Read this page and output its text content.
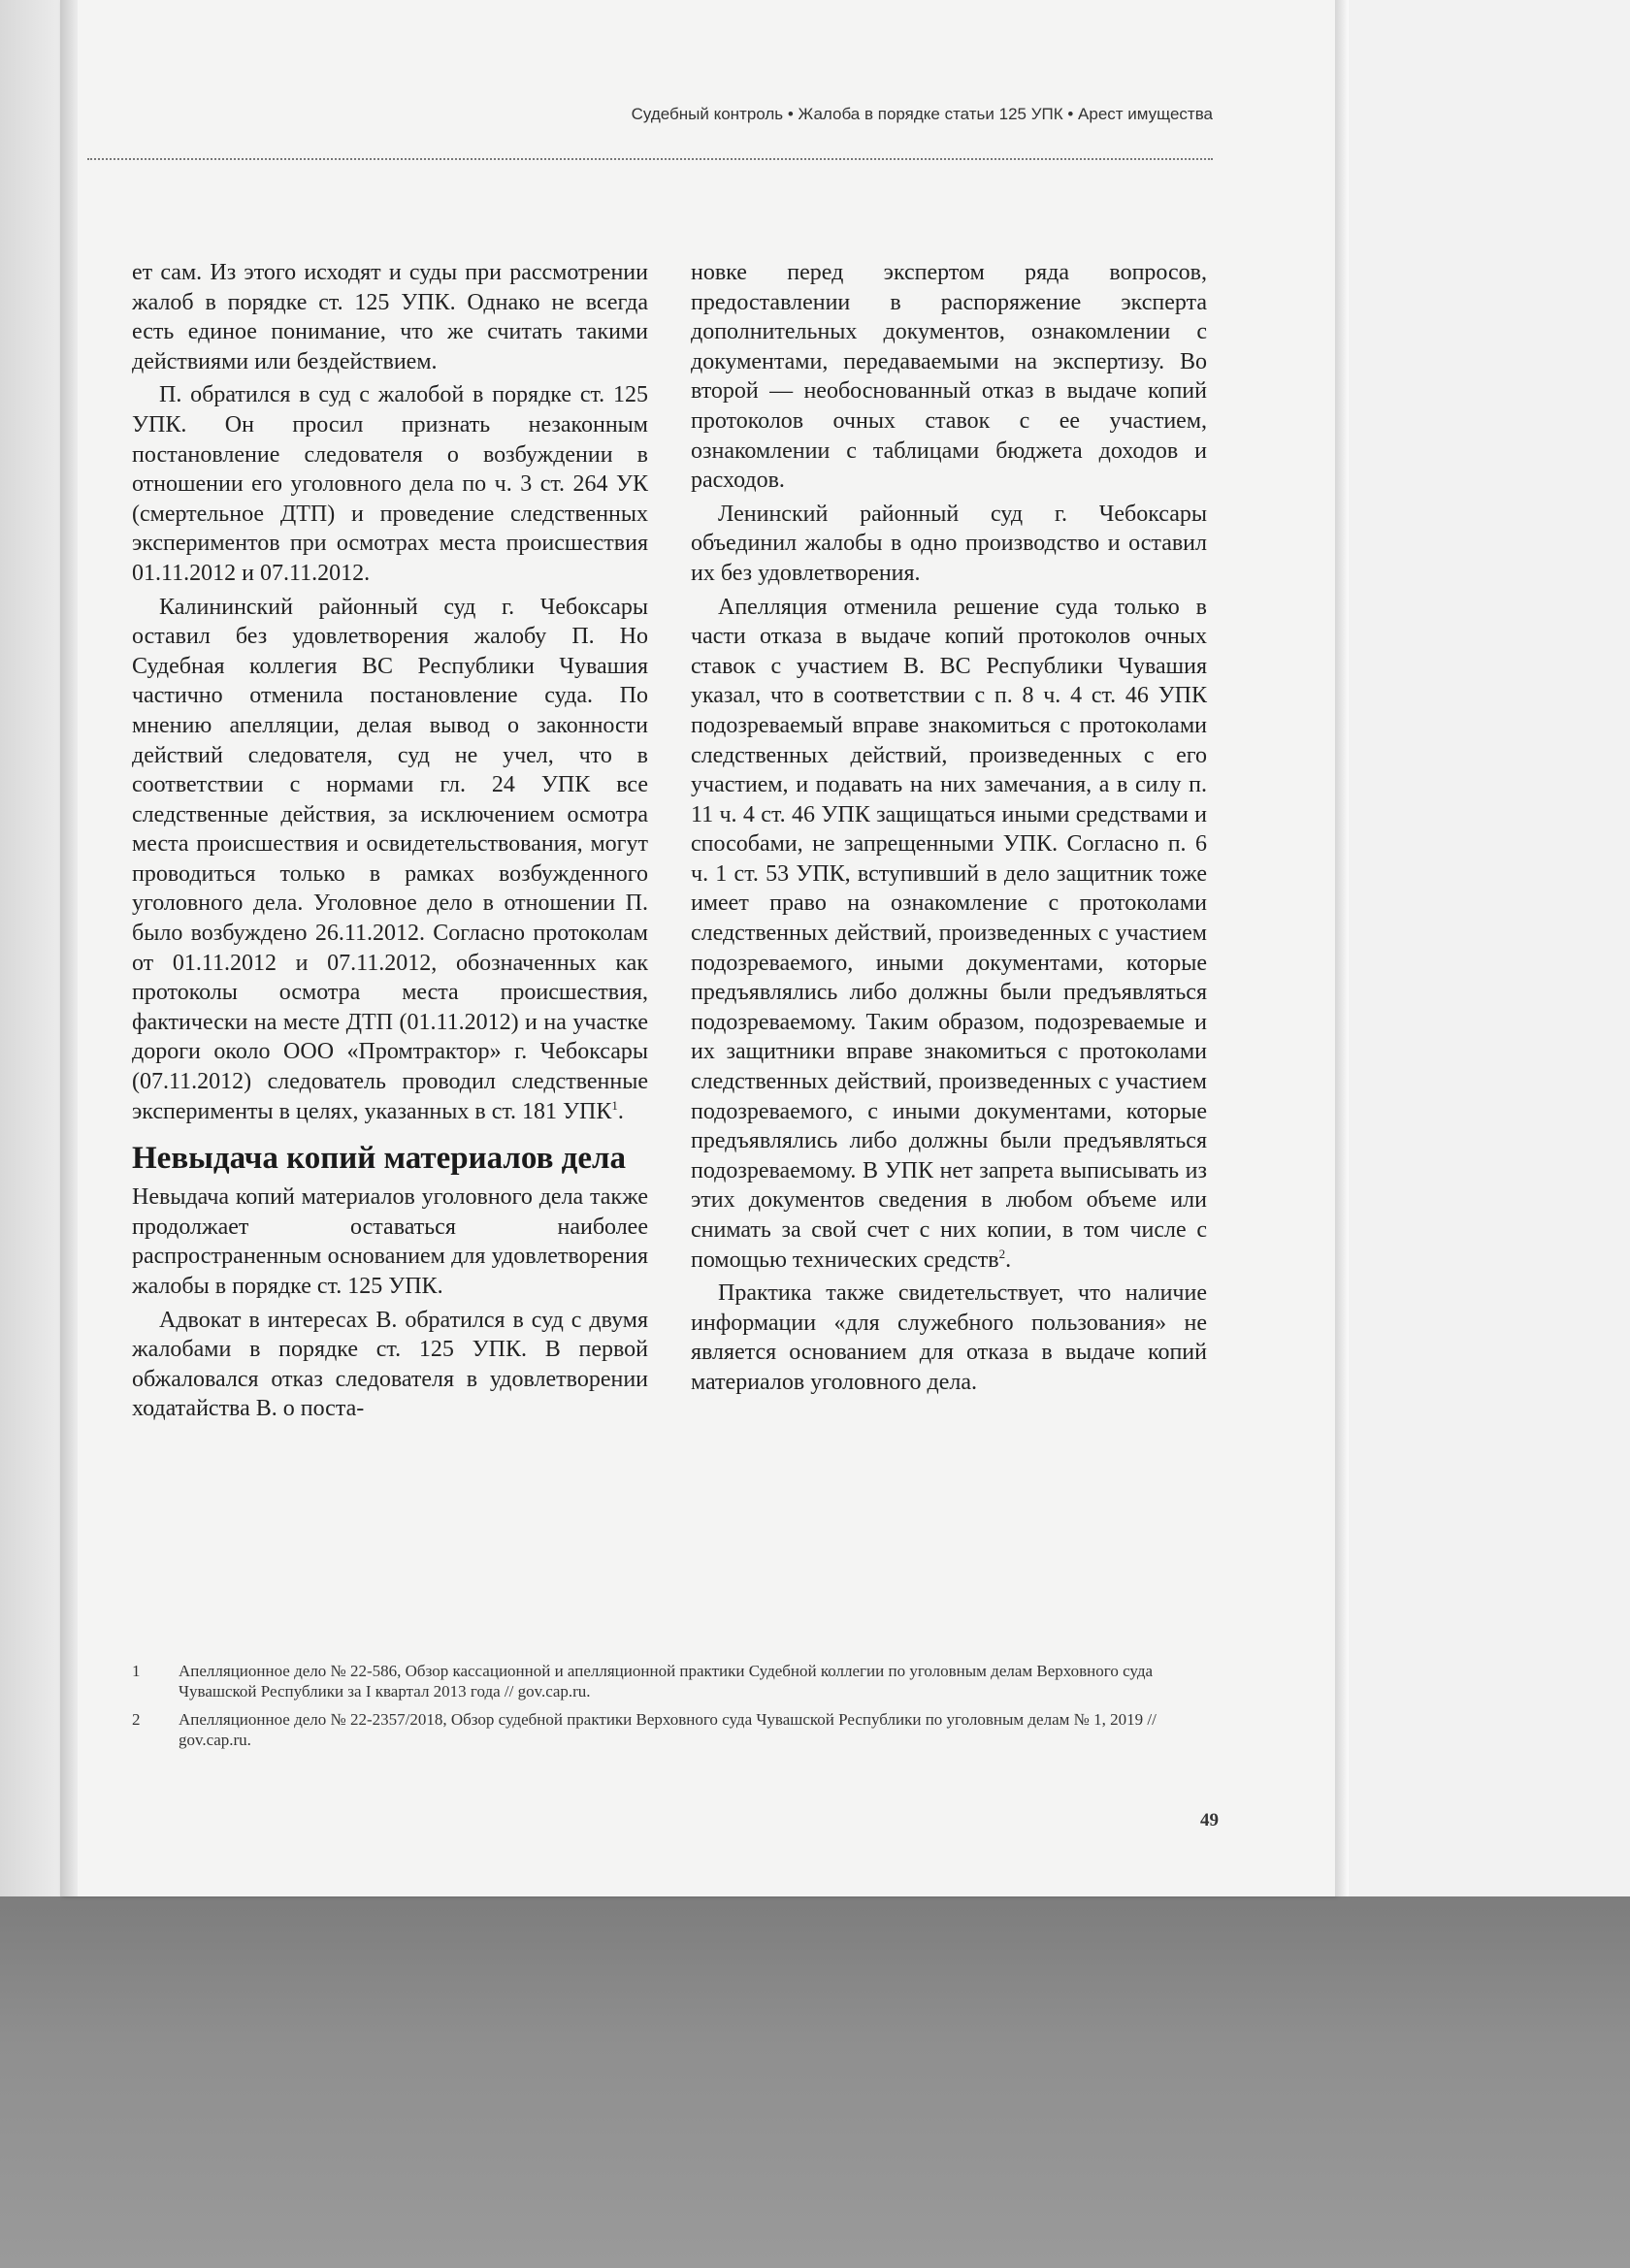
Судебный контроль • Жалоба в порядке статьи 125 УПК • Арест имущества

ет сам. Из этого исходят и суды при рассмотрении жалоб в порядке ст. 125 УПК. Однако не всегда есть единое понимание, что же считать такими действиями или бездействием.

П. обратился в суд с жалобой в порядке ст. 125 УПК. Он просил признать незаконным постановление следователя о возбуждении в отношении его уголовного дела по ч. 3 ст. 264 УК (смертельное ДТП) и проведение следственных экспериментов при осмотрах места происшествия 01.11.2012 и 07.11.2012.

Калининский районный суд г. Чебоксары оставил без удовлетворения жалобу П. Но Судебная коллегия ВС Республики Чувашия частично отменила постановление суда. По мнению апелляции, делая вывод о законности действий следователя, суд не учел, что в соответствии с нормами гл. 24 УПК все следственные действия, за исключением осмотра места происшествия и освидетельствования, могут проводиться только в рамках возбужденного уголовного дела. Уголовное дело в отношении П. было возбуждено 26.11.2012. Согласно протоколам от 01.11.2012 и 07.11.2012, обозначенных как протоколы осмотра места происшествия, фактически на месте ДТП (01.11.2012) и на участке дороги около ООО «Промтрактор» г. Чебоксары (07.11.2012) следователь проводил следственные эксперименты в целях, указанных в ст. 181 УПК$^1$.

Невыдача копий материалов дела

Невыдача копий материалов уголовного дела также продолжает оставаться наиболее распространенным основанием для удовлетворения жалобы в порядке ст. 125 УПК.

Адвокат в интересах В. обратился в суд с двумя жалобами в порядке ст. 125 УПК. В первой обжаловался отказ следователя в удовлетворении ходатайства В. о поста-

новке перед экспертом ряда вопросов, предоставлении в распоряжение эксперта дополнительных документов, ознакомлении с документами, передаваемыми на экспертизу. Во второй — необоснованный отказ в выдаче копий протоколов очных ставок с ее участием, ознакомлении с таблицами бюджета доходов и расходов.

Ленинский районный суд г. Чебоксары объединил жалобы в одно производство и оставил их без удовлетворения.

Апелляция отменила решение суда только в части отказа в выдаче копий протоколов очных ставок с участием В. ВС Республики Чувашия указал, что в соответствии с п. 8 ч. 4 ст. 46 УПК подозреваемый вправе знакомиться с протоколами следственных действий, произведенных с его участием, и подавать на них замечания, а в силу п. 11 ч. 4 ст. 46 УПК защищаться иными средствами и способами, не запрещенными УПК. Согласно п. 6 ч. 1 ст. 53 УПК, вступивший в дело защитник тоже имеет право на ознакомление с протоколами следственных действий, произведенных с участием подозреваемого, иными документами, которые предъявлялись либо должны были предъявляться подозреваемому. Таким образом, подозреваемые и их защитники вправе знакомиться с протоколами следственных действий, произведенных с участием подозреваемого, с иными документами, которые предъявлялись либо должны были предъявляться подозреваемому. В УПК нет запрета выписывать из этих документов сведения в любом объеме или снимать за свой счет с них копии, в том числе с помощью технических средств$^2$.

Практика также свидетельствует, что наличие информации «для служебного пользования» не является основанием для отказа в выдаче копий материалов уголовного дела.

1	Апелляционное дело № 22-586, Обзор кассационной и апелляционной практики Судебной коллегии по уголовным делам Верховного суда Чувашской Республики за I квартал 2013 года // gov.cap.ru.
2	Апелляционное дело № 22-2357/2018, Обзор судебной практики Верховного суда Чувашской Республики по уголовным делам № 1, 2019 // gov.cap.ru.
49
